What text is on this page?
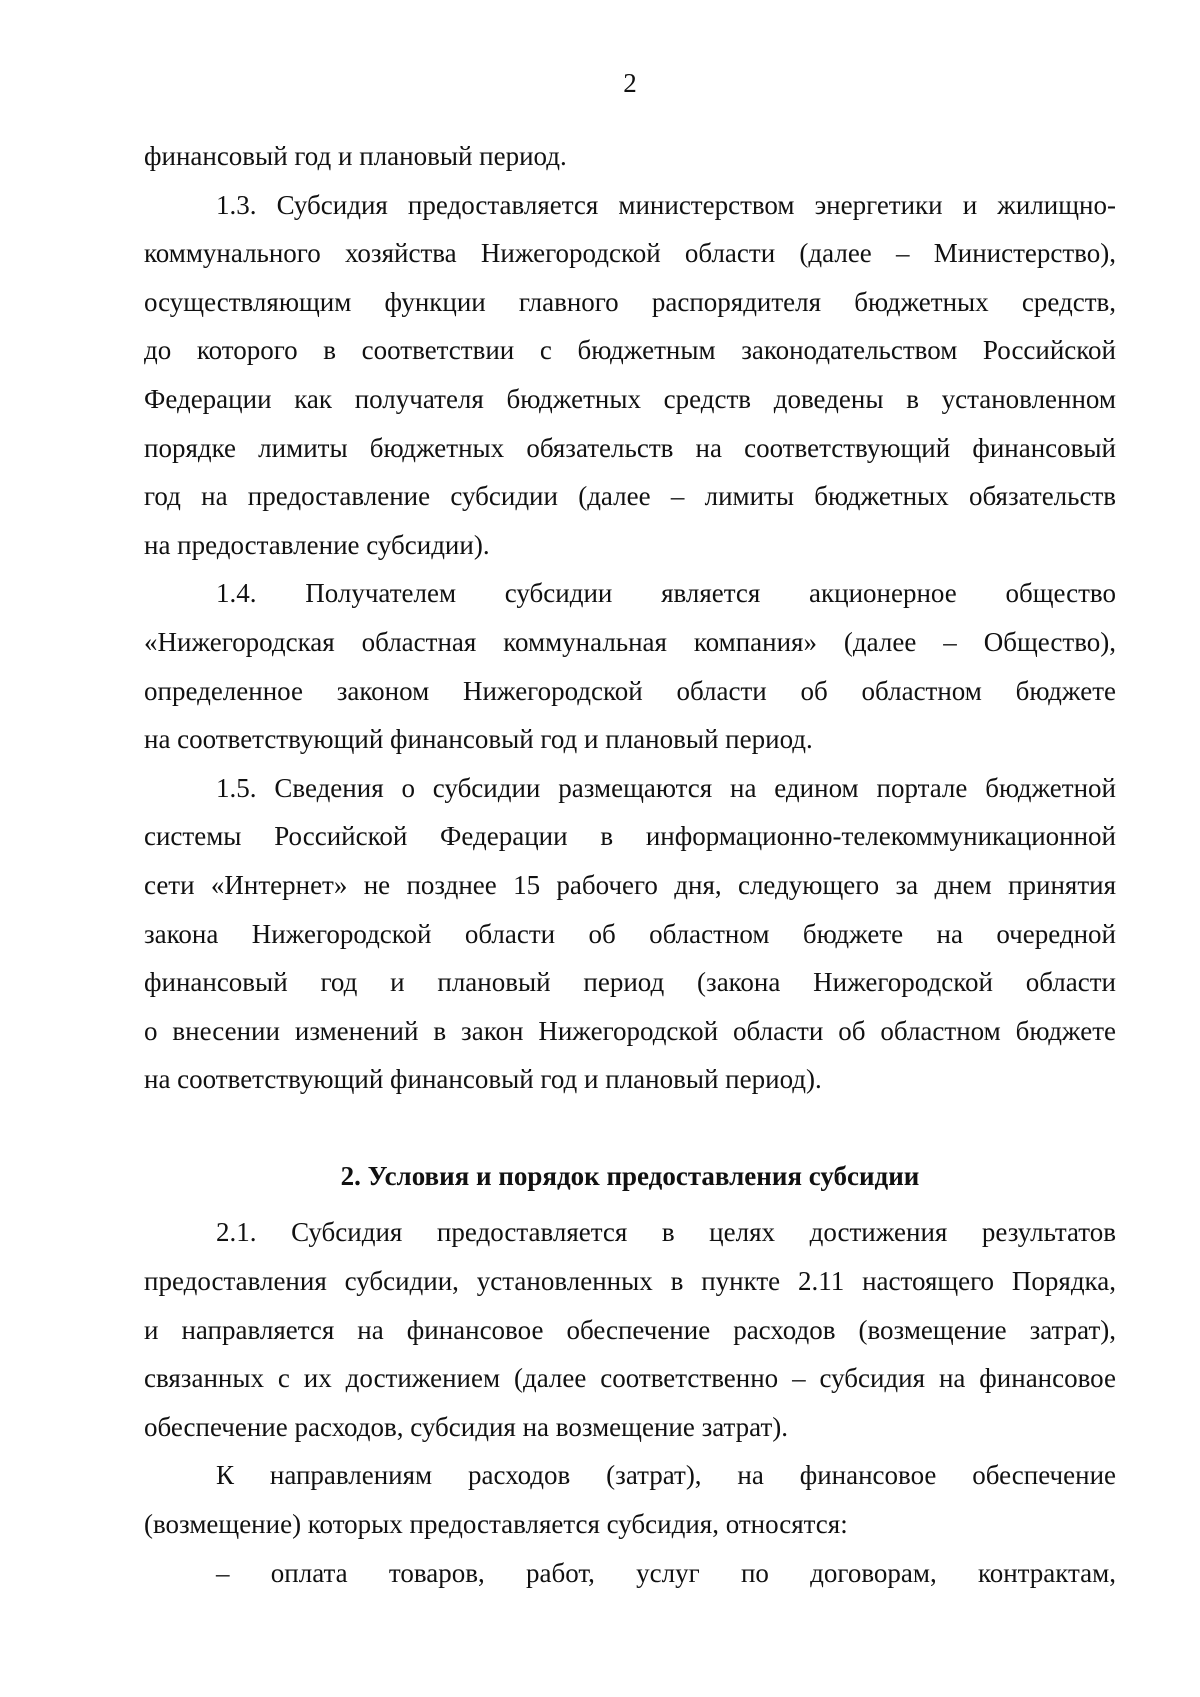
2

финансовый год и плановый период.

1.3. Субсидия предоставляется министерством энергетики и жилищно-

коммунального хозяйства Нижегородской области (далее – Министерство),

осуществляющим функции главного распорядителя бюджетных средств,

до которого в соответствии с бюджетным законодательством Российской

Федерации как получателя бюджетных средств доведены в установленном

порядке лимиты бюджетных обязательств на соответствующий финансовый

год на предоставление субсидии (далее – лимиты бюджетных обязательств

на предоставление субсидии).

1.4. Получателем субсидии является акционерное общество

«Нижегородская областная коммунальная компания» (далее – Общество),

определенное законом Нижегородской области об областном бюджете

на соответствующий финансовый год и плановый период.

1.5. Сведения о субсидии размещаются на едином портале бюджетной

системы Российской Федерации в информационно-телекоммуникационной

сети «Интернет» не позднее 15 рабочего дня, следующего за днем принятия

закона Нижегородской области об областном бюджете на очередной

финансовый год и плановый период (закона Нижегородской области

о внесении изменений в закон Нижегородской области об областном бюджете

на соответствующий финансовый год и плановый период).

2. Условия и порядок предоставления субсидии

2.1. Субсидия предоставляется в целях достижения результатов

предоставления субсидии, установленных в пункте 2.11 настоящего Порядка,

и направляется на финансовое обеспечение расходов (возмещение затрат),

связанных с их достижением (далее соответственно – субсидия на финансовое

обеспечение расходов, субсидия на возмещение затрат).

К направлениям расходов (затрат), на финансовое обеспечение

(возмещение) которых предоставляется субсидия, относятся:

– оплата товаров, работ, услуг по договорам, контрактам,
